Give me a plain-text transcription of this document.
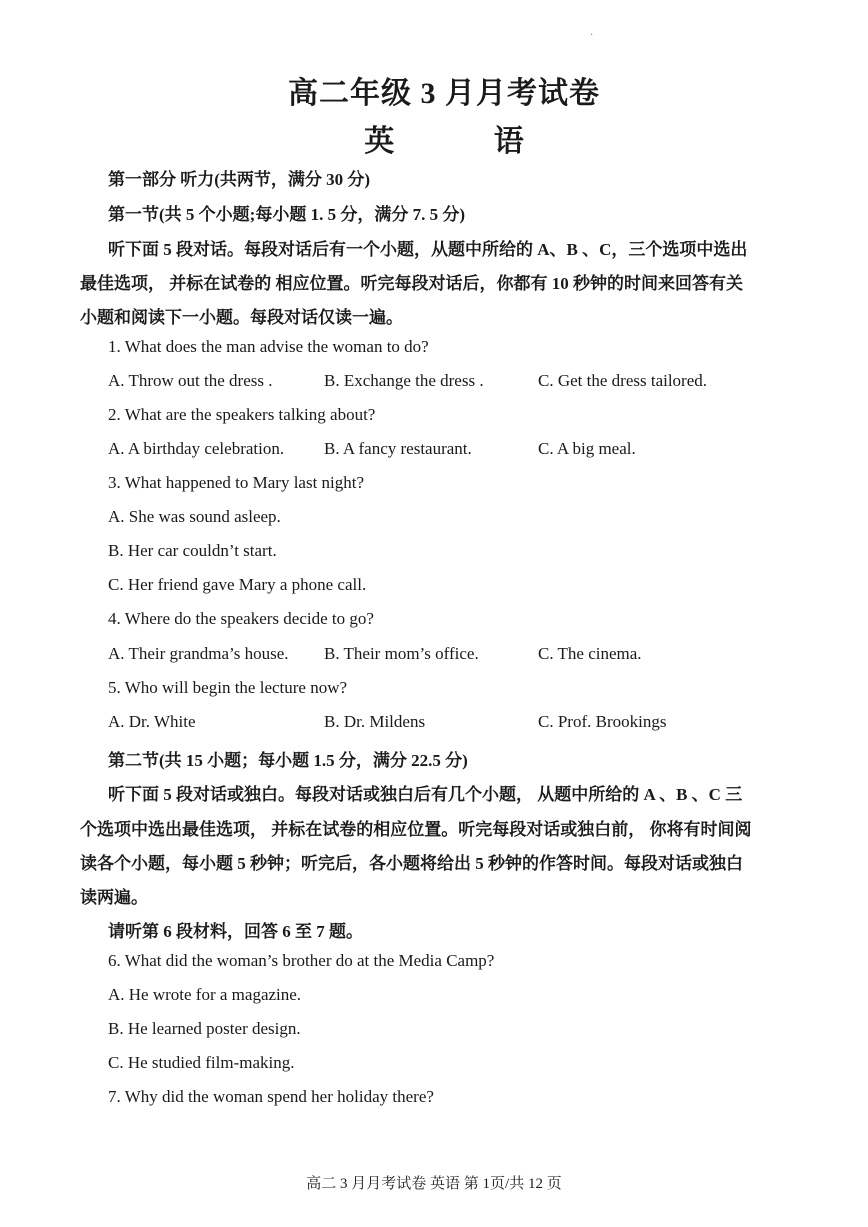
·
高二年级 3 月月考试卷
英 语
第一部分 听力(共两节，满分 30 分)
第一节(共 5 个小题;每小题 1. 5 分，满分 7. 5 分)
听下面 5 段对话。每段对话后有一个小题，从题中所给的 A、B 、C，三个选项中选出
最佳选项， 并标在试卷的 相应位置。听完每段对话后，你都有 10 秒钟的时间来回答有关
小题和阅读下一小题。每段对话仅读一遍。
1. What does the man advise the woman to do?
A. Throw out the dress .	B. Exchange the dress .	C. Get the dress tailored.
2. What are the speakers talking about?
A. A birthday celebration. B. A fancy restaurant.	C. A big meal.
3. What happened to Mary last night?
A. She was sound asleep.
B. Her car couldn’t start.
C. Her friend gave Mary a phone call.
4. Where do the speakers decide to go?
A. Their grandma’s house. B. Their mom’s office.	C. The cinema.
5. Who will begin the lecture now?
A. Dr. White	B. Dr. Mildens	C. Prof. Brookings
第二节(共 15 小题；每小题 1.5 分，满分 22.5 分)
听下面 5 段对话或独白。每段对话或独白后有几个小题， 从题中所给的 A 、B 、C 三
个选项中选出最佳选项， 并标在试卷的相应位置。听完每段对话或独白前， 你将有时间阅
读各个小题，每小题 5 秒钟；听完后，各小题将给出 5 秒钟的作答时间。每段对话或独白
读两遍。
请听第 6 段材料，回答 6 至 7 题。
6. What did the woman’s brother do at the Media Camp?
A. He wrote for a magazine.
B. He learned poster design.
C. He studied film-making.
7. Why did the woman spend her holiday there?
高二 3 月月考试卷 英语 第 1页/共 12 页
